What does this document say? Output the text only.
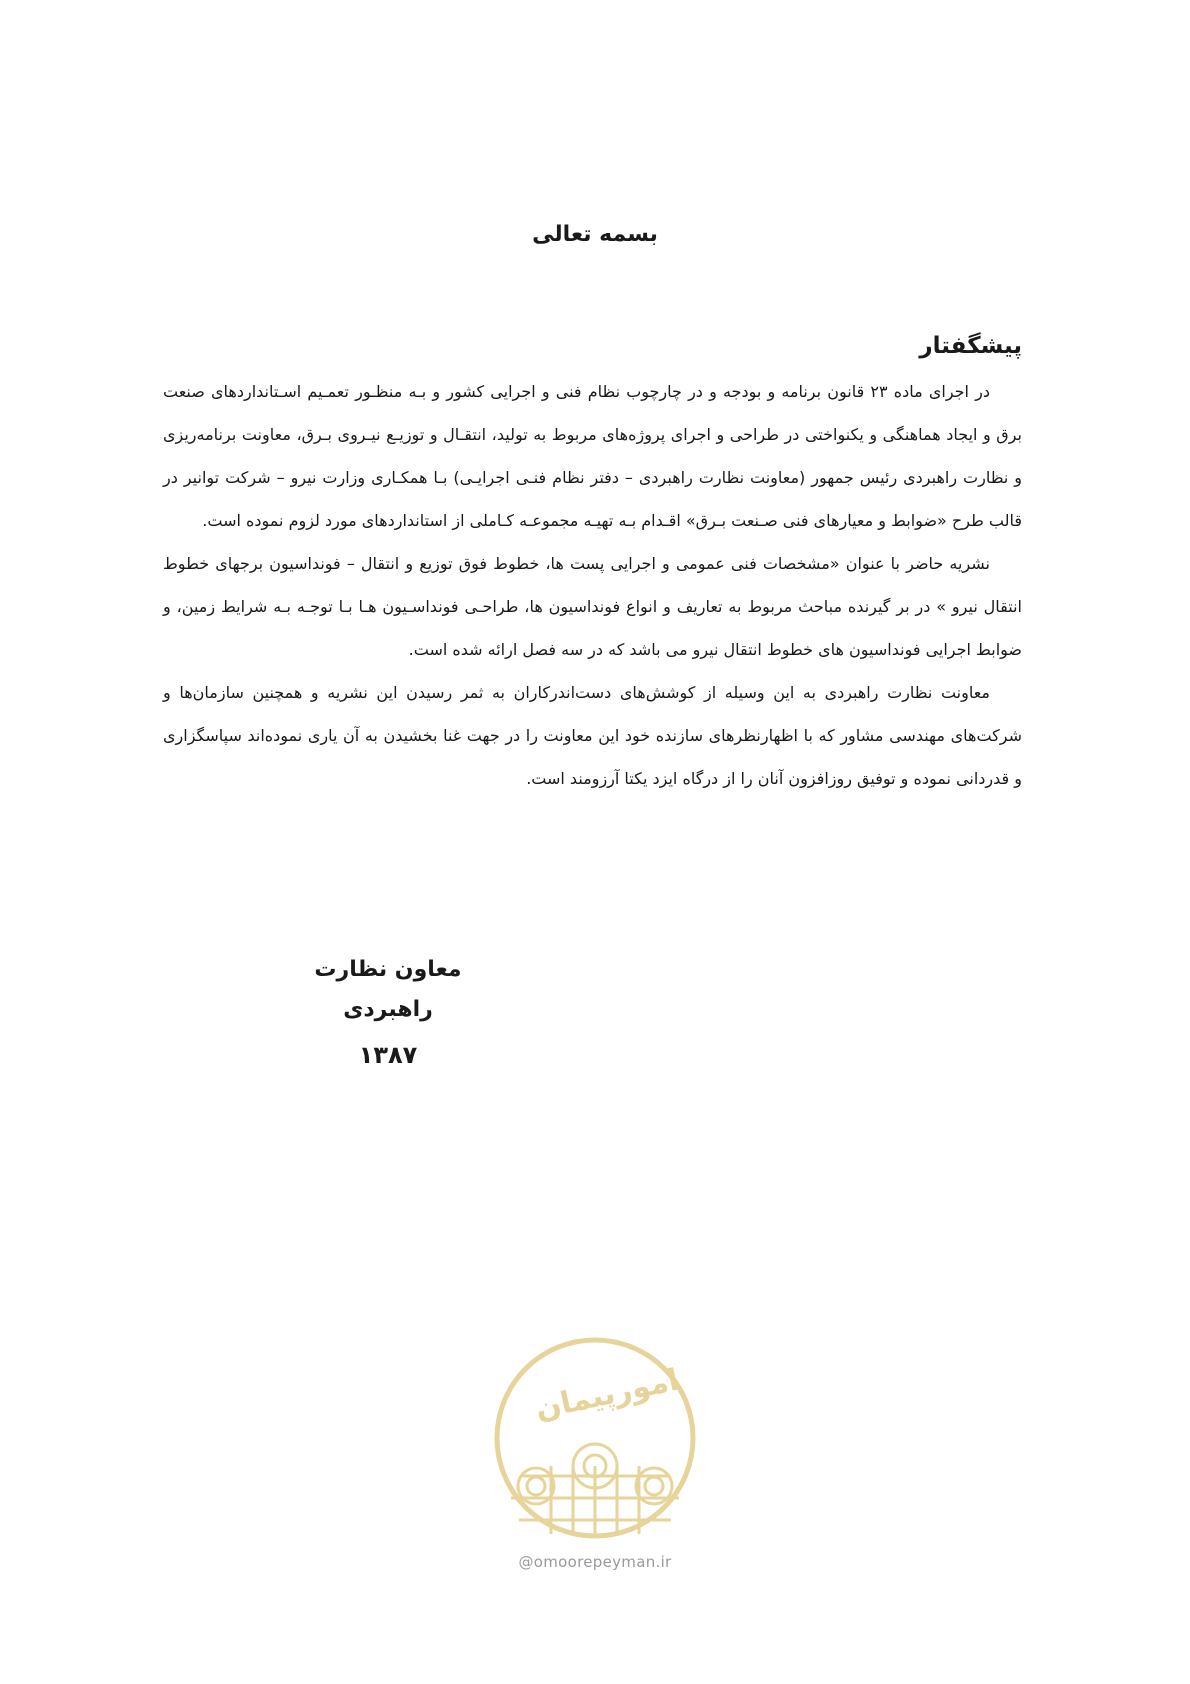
بسمه تعالی
پیشگفتار

در اجرای ماده ۲۳ قانون برنامه و بودجه و در چارچوب نظام فنی و اجرایی کشور و بـه منظـور تعمـیم اسـتانداردهای صنعت برق و ایجاد هماهنگی و یکنواختی در طراحی و اجرای پروژه‌های مربوط به تولید، انتقـال و توزیـع نیـروی بـرق، معاونت برنامه‌ریزی و نظارت راهبردی رئیس جمهور (معاونت نظارت راهبردی – دفتر نظام فنـی اجرایـی) بـا همکـاری وزارت نیرو – شرکت توانیر در قالب طرح «ضوابط و معیارهای فنی صـنعت بـرق» اقـدام بـه تهیـه مجموعـه کـاملی از استانداردهای مورد لزوم نموده است.

نشریه حاضر با عنوان «مشخصات فنی عمومی و اجرایی پست ها، خطوط فوق توزیع و انتقال – فونداسیون برجهای خطوط انتقال نیرو » در بر گیرنده مباحث مربوط به تعاریف و انواع فونداسیون ها، طراحـی فونداسـیون هـا بـا توجـه بـه شرایط زمین، و ضوابط اجرایی فونداسیون های خطوط انتقال نیرو می باشد که در سه فصل ارائه شده است.

معاونت نظارت راهبردی به این وسیله از کوشش‌های دست‌اندرکاران به ثمر رسیدن این نشریه و همچنین سازمان‌ها و شرکت‌های مهندسی مشاور که با اظهارنظرهای سازنده خود این معاونت را در جهت غنا بخشیدن به آن یاری نموده‌اند سپاسگزاری و قدردانی نموده و توفیق روزافزون آنان را از درگاه ایزد یکتا آرزومند است.

معاون نظارت راهبردی
۱۳۸۷
امورپیمان
@omoorepeyman.ir
